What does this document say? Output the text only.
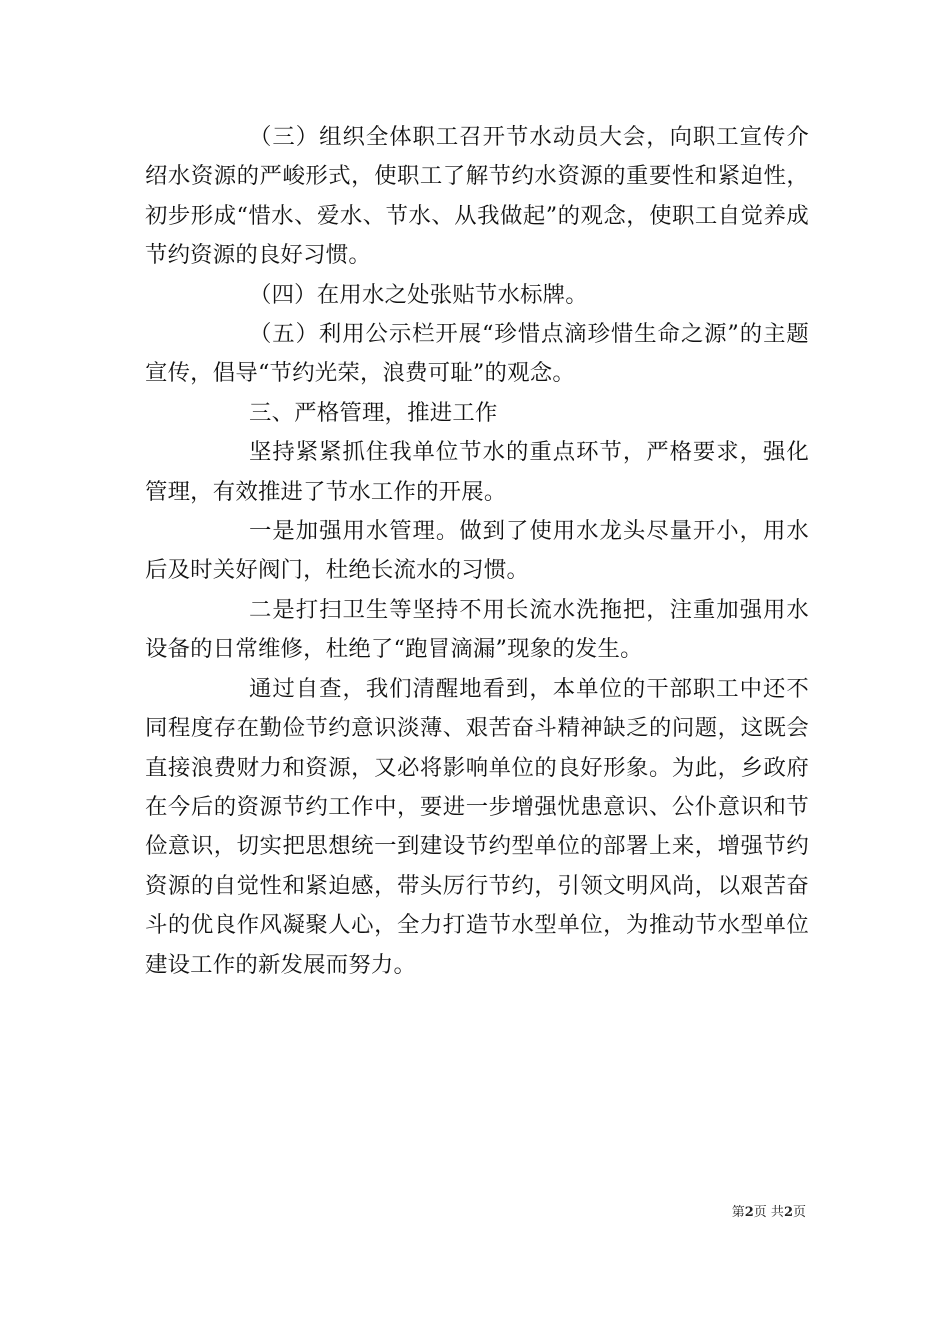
（三）组织全体职工召开节水动员大会，向职工宣传介绍水资源的严峻形式，使职工了解节约水资源的重要性和紧迫性，初步形成“惜水、爱水、节水、从我做起”的观念，使职工自觉养成节约资源的良好习惯。

（四）在用水之处张贴节水标牌。

（五）利用公示栏开展“珍惜点滴珍惜生命之源”的主题宣传，倡导“节约光荣，浪费可耻”的观念。

三、严格管理，推进工作

坚持紧紧抓住我单位节水的重点环节，严格要求，强化管理，有效推进了节水工作的开展。

一是加强用水管理。做到了使用水龙头尽量开小，用水后及时关好阀门，杜绝长流水的习惯。

二是打扫卫生等坚持不用长流水洗拖把，注重加强用水设备的日常维修，杜绝了“跑冒滴漏”现象的发生。

通过自查，我们清醒地看到，本单位的干部职工中还不同程度存在勤俭节约意识淡薄、艰苦奋斗精神缺乏的问题，这既会直接浪费财力和资源，又必将影响单位的良好形象。为此，乡政府在今后的资源节约工作中，要进一步增强忧患意识、公仆意识和节俭意识，切实把思想统一到建设节约型单位的部署上来，增强节约资源的自觉性和紧迫感，带头厉行节约，引领文明风尚，以艰苦奋斗的优良作风凝聚人心，全力打造节水型单位，为推动节水型单位建设工作的新发展而努力。

第2页 共2页
